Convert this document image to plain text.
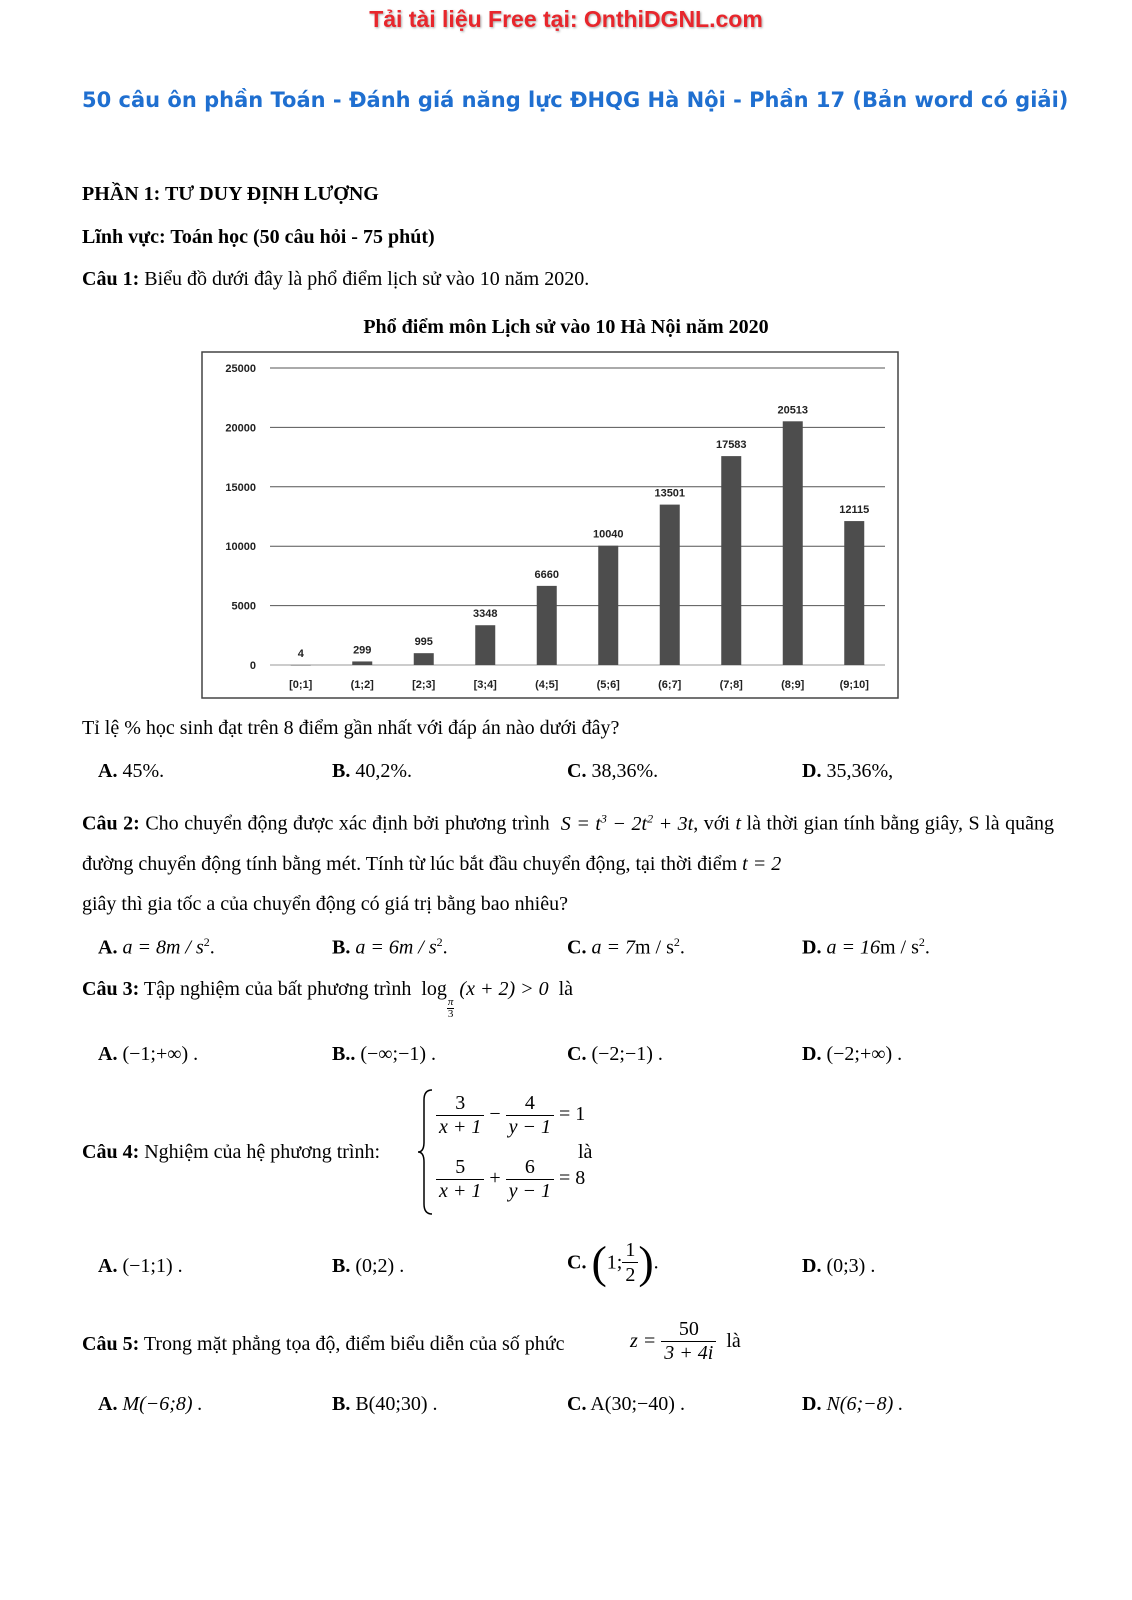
Tải tài liệu Free tại: OnthiDGNL.com
50 câu ôn phần Toán - Đánh giá năng lực ĐHQG Hà Nội - Phần 17 (Bản word có giải)
PHẦN 1: TƯ DUY ĐỊNH LƯỢNG
Lĩnh vực: Toán học (50 câu hỏi - 75 phút)
Câu 1: Biểu đồ dưới đây là phổ điểm lịch sử vào 10 năm 2020.
Phổ điểm môn Lịch sử vào 10 Hà Nội năm 2020
0
5000
10000
15000
20000
25000
4
[0;1]
299
(1;2]
995
[2;3]
3348
[3;4]
6660
(4;5]
10040
(5;6]
13501
(6;7]
17583
(7;8]
20513
(8;9]
12115
(9;10]
Tỉ lệ % học sinh đạt trên 8 điểm gần nhất với đáp án nào dưới đây?
A. 45%.	B. 40,2%.	C. 38,36%.	D. 35,36%,
Câu 2: Cho chuyển động được xác định bởi phương trình $S = t^3 - 2t^2 + 3t$, với t là thời gian tính bằng giây, S là quãng đường chuyển động tính bằng mét. Tính từ lúc bắt đầu chuyển động, tại thời điểm t = 2
giây thì gia tốc a của chuyển động có giá trị bằng bao nhiêu?
A. $a = 8m / s^2$.	B. $a = 6m / s^2$.	C. $a = 7m / s^2$.	D. $a = 16m / s^2$.
Câu 3: Tập nghiệm của bất phương trình log
$\frac{\pi}{3}$
(x + 2) > 0 là
A. (−1;+∞) .	B.. (−∞;−1) .	C. (−2;−1) .	D. (−2;+∞) .
Câu 4: Nghiệm của hệ phương trình:
$\frac{3}{x + 1} - \frac{4}{y - 1} = 1$
$\frac{5}{x + 1} + \frac{6}{y - 1} = 8$
là
A. (−1;1) .	B. (0;2) .	C. (1; $\frac{1}{2}$ ).	D. (0;3) .
Câu 5: Trong mặt phẳng tọa độ, điểm biểu diễn của số phức	$z = \frac{50}{3 + 4i}$ là
A. M(−6;8) .	B. B(40;30) .	C. A(30;−40) .	D. N(6;−8) .
